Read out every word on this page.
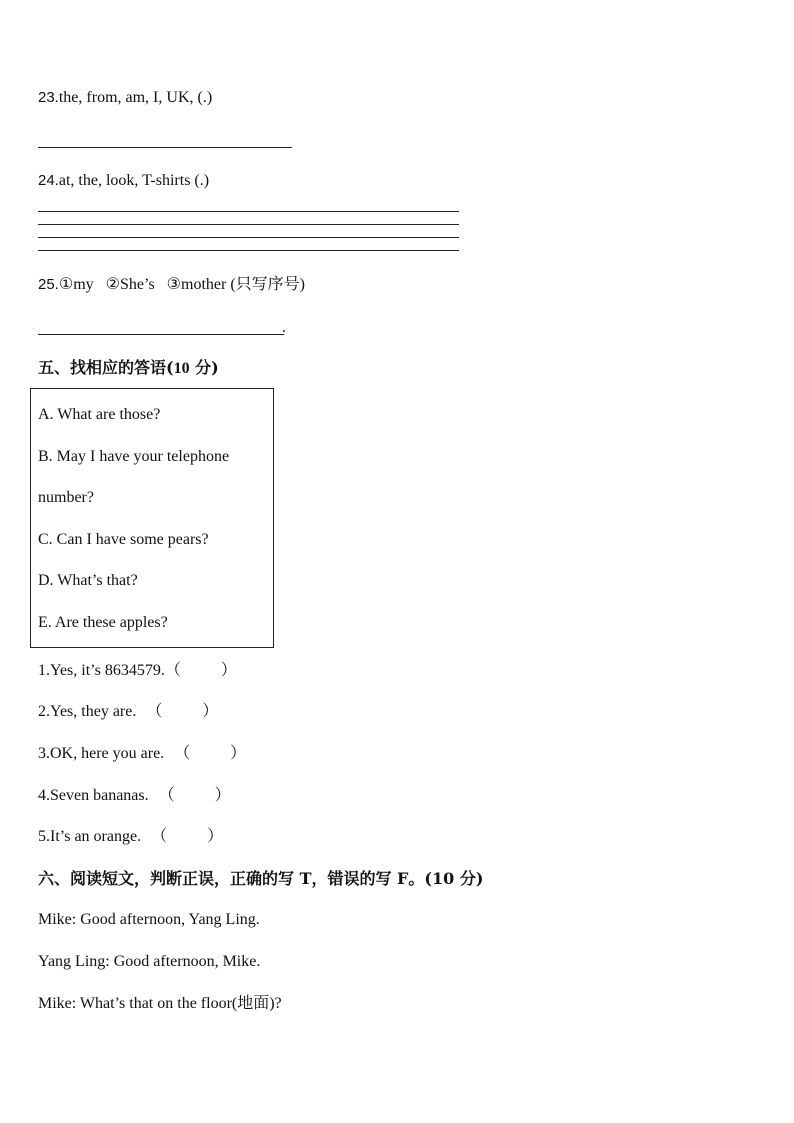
23.the, from, am, I, UK, (.)
24.at, the, look, T-shirts (.)
25.①my   ②She’s   ③mother (只写序号)
.
五、找相应的答语(10 分)
A. What are those?
B. May I have your telephone
number?
C. Can I have some pears?
D. What’s that?
E. Are these apples?
1.Yes, it’s 8634579.（          ）
2.Yes, they are. （          ）
3.OK, here you are. （          ）
4.Seven bananas. （          ）
5.It’s an orange. （          ）
六、阅读短文，判断正误，正确的写 T，错误的写 F。(10 分)
Mike: Good afternoon, Yang Ling.
Yang Ling: Good afternoon, Mike.
Mike: What’s that on the floor(地面)?
